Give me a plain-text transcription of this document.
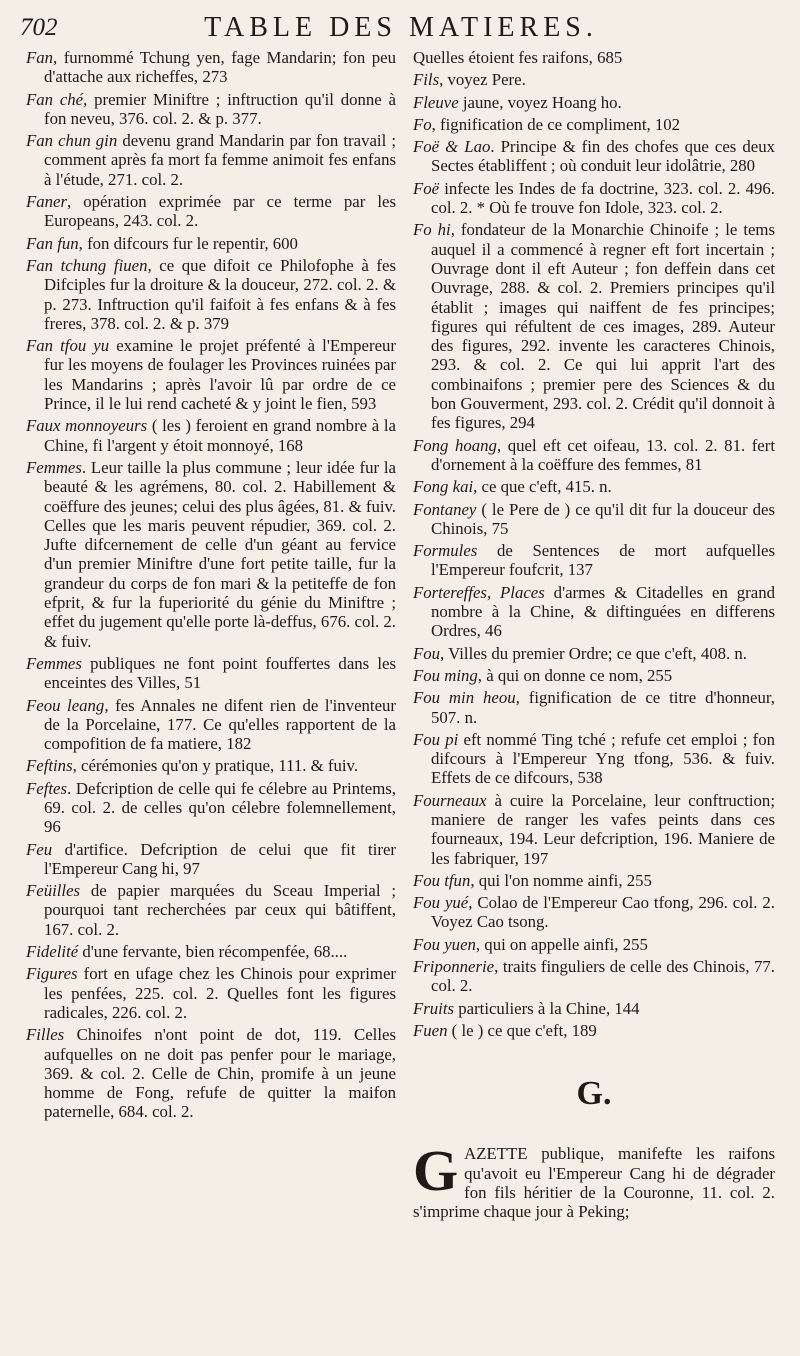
702	TABLE DES MATIERES.
Fan, furnommé Tchung yen, fage Mandarin; fon peu d'attache aux richeffes, 273
Fan ché, premier Miniftre ; inftruction qu'il donne à fon neveu, 376. col. 2. & p. 377.
Fan chun gin devenu grand Mandarin par fon travail ; comment après fa mort fa femme animoit fes enfans à l'étude, 271. col. 2.
Faner, opération exprimée par ce terme par les Europeans, 243. col. 2.
Fan fun, fon difcours fur le repentir, 600
Fan tchung fiuen, ce que difoit ce Philofophe à fes Difciples fur la droiture & la douceur, 272. col. 2. & p. 273. Inftruction qu'il faifoit à fes enfans & à fes freres, 378. col. 2. & p. 379
Fan tfou yu examine le projet préfenté à l'Empereur fur les moyens de foulager les Provinces ruinées par les Mandarins ; après l'avoir lû par ordre de ce Prince, il le lui rend cacheté & y joint le fien, 593
Faux monnoyeurs ( les ) feroient en grand nombre à la Chine, fi l'argent y étoit monnoyé, 168
Femmes. Leur taille la plus commune ; leur idée fur la beauté & les agrémens, 80. col. 2. Habillement & coëffure des jeunes; celui des plus âgées, 81. & fuiv. Celles que les maris peuvent répudier, 369. col. 2. Jufte difcernement de celle d'un géant au fervice d'un premier Miniftre d'une fort petite taille, fur la grandeur du corps de fon mari & la petiteffe de fon efprit, & fur la fuperiorité du génie du Miniftre ; effet du jugement qu'elle porte là-deffus, 676. col. 2. & fuiv.
Femmes publiques ne font point fouffertes dans les enceintes des Villes, 51
Feou leang, fes Annales ne difent rien de l'inventeur de la Porcelaine, 177. Ce qu'elles rapportent de la compofition de fa matiere, 182
Feftins, cérémonies qu'on y pratique, 111. & fuiv.
Feftes. Defcription de celle qui fe célebre au Printems, 69. col. 2. de celles qu'on célebre folemnellement, 96
Feu d'artifice. Defcription de celui que fit tirer l'Empereur Cang hi, 97
Feüilles de papier marquées du Sceau Imperial ; pourquoi tant recherchées par ceux qui bâtiffent, 167. col. 2.
Fidelité d'une fervante, bien récompenfée, 68....
Figures fort en ufage chez les Chinois pour exprimer les penfées, 225. col. 2. Quelles font les figures radicales, 226. col. 2.
Filles Chinoifes n'ont point de dot, 119. Celles aufquelles on ne doit pas penfer pour le mariage, 369. & col. 2. Celle de Chin, promife à un jeune homme de Fong, refufe de quitter la maifon paternelle, 684. col. 2.
Quelles étoient fes raifons, 685
Fils, voyez Pere.
Fleuve jaune, voyez Hoang ho.
Fo, fignification de ce compliment, 102
Foë & Lao. Principe & fin des chofes que ces deux Sectes établiffent ; où conduit leur idolâtrie, 280
Foë infecte les Indes de fa doctrine, 323. col. 2. 496. col. 2. * Où fe trouve fon Idole, 323. col. 2.
Fo hi, fondateur de la Monarchie Chinoife ; le tems auquel il a commencé à regner eft fort incertain ; Ouvrage dont il eft Auteur ; fon deffein dans cet Ouvrage, 288. & col. 2. Premiers principes qu'il établit ; images qui naiffent de fes principes; figures qui réfultent de ces images, 289. Auteur des figures, 292. invente les caracteres Chinois, 293. & col. 2. Ce qui lui apprit l'art des combinaifons ; premier pere des Sciences & du bon Gouverment, 293. col. 2. Crédit qu'il donnoit à fes figures, 294
Fong hoang, quel eft cet oifeau, 13. col. 2. 81. fert d'ornement à la coëffure des femmes, 81
Fong kai, ce que c'eft, 415. n.
Fontaney ( le Pere de ) ce qu'il dit fur la douceur des Chinois, 75
Formules de Sentences de mort aufquelles l'Empereur foufcrit, 137
Fortereffes, Places d'armes & Citadelles en grand nombre à la Chine, & diftinguées en differens Ordres, 46
Fou, Villes du premier Ordre; ce que c'eft, 408. n.
Fou ming, à qui on donne ce nom, 255
Fou min heou, fignification de ce titre d'honneur, 507. n.
Fou pi eft nommé Ting tché ; refufe cet emploi ; fon difcours à l'Empereur Yng tfong, 536. & fuiv. Effets de ce difcours, 538
Fourneaux à cuire la Porcelaine, leur conftruction; maniere de ranger les vafes peints dans ces fourneaux, 194. Leur defcription, 196. Maniere de les fabriquer, 197
Fou tfun, qui l'on nomme ainfi, 255
Fou yué, Colao de l'Empereur Cao tfong, 296. col. 2. Voyez Cao tsong.
Fou yuen, qui on appelle ainfi, 255
Friponnerie, traits finguliers de celle des Chinois, 77. col. 2.
Fruits particuliers à la Chine, 144
Fuen ( le ) ce que c'eft, 189
G.
G AZETTE publique, manifefte les raifons qu'avoit eu l'Empereur Cang hi de dégrader fon fils héritier de la Couronne, 11. col. 2. s'imprime chaque jour à Peking;
